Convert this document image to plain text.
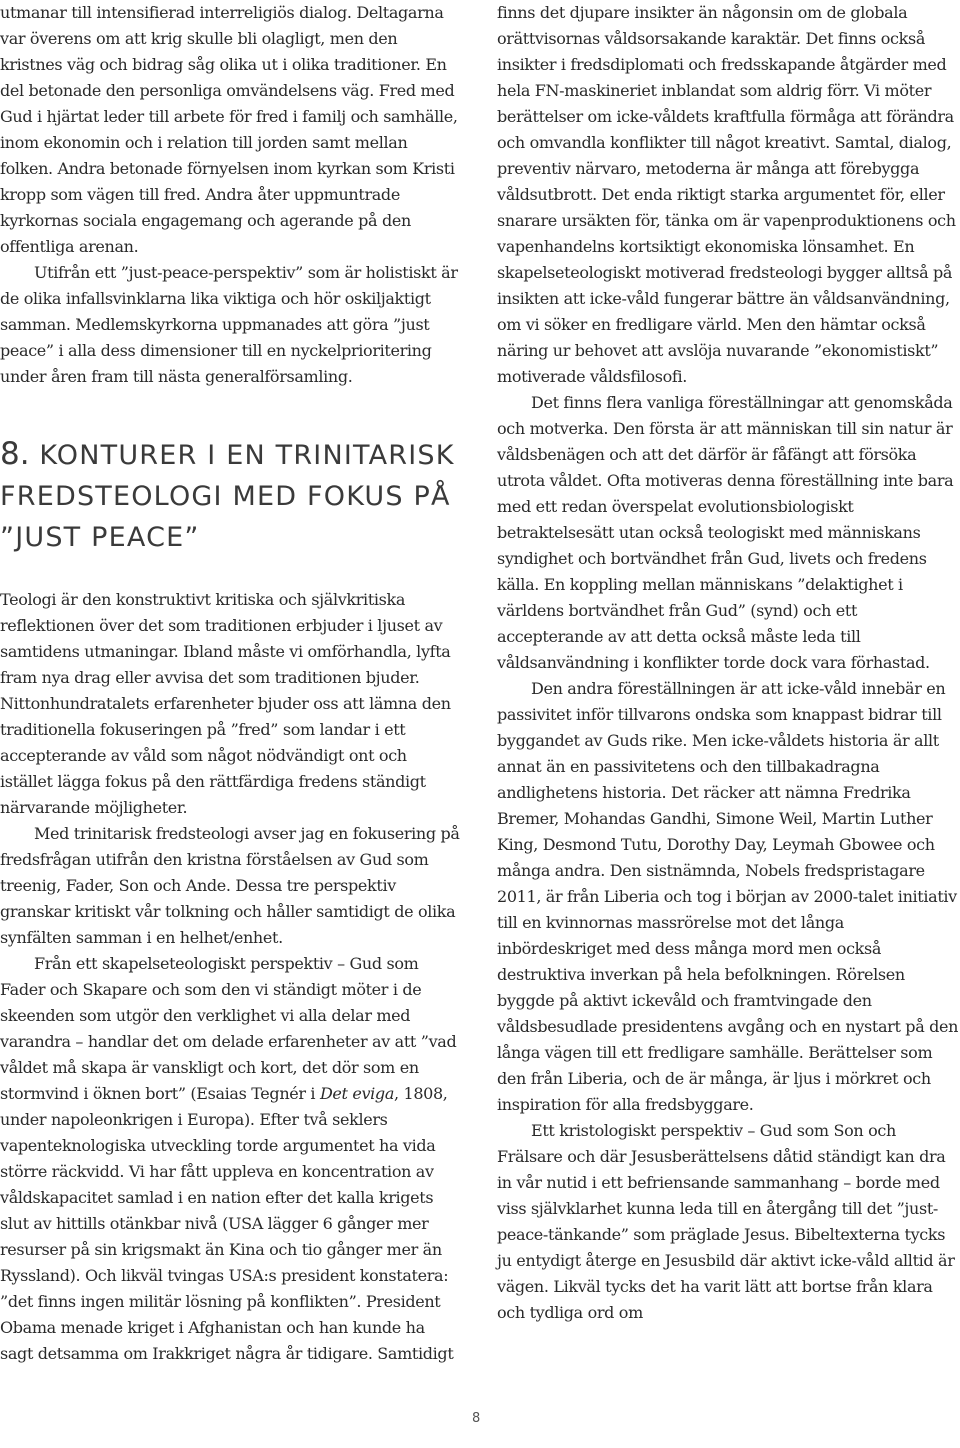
utmanar till intensifierad interreligiös dialog. Deltagarna var överens om att krig skulle bli olagligt, men den kristnes väg och bidrag såg olika ut i olika traditioner. En del betonade den personliga omvändelsens väg. Fred med Gud i hjärtat leder till arbete för fred i familj och samhälle, inom ekonomin och i relation till jorden samt mellan folken. Andra betonade förnyelsen inom kyrkan som Kristi kropp som vägen till fred. Andra åter uppmuntrade kyrkornas sociala engagemang och agerande på den offentliga arenan.

Utifrån ett ”just-peace-perspektiv” som är holistiskt är de olika infallsvinklarna lika viktiga och hör oskiljaktigt samman. Medlemskyrkorna uppmanades att göra ”just peace” i alla dess dimensioner till en nyckelprioritering under åren fram till nästa generalförsamling.

8. KONTURER I EN TRINITARISK FREDSTEOLOGI MED FOKUS PÅ ”JUST PEACE”

Teologi är den konstruktivt kritiska och självkritiska reflektionen över det som traditionen erbjuder i ljuset av samtidens utmaningar. Ibland måste vi omförhandla, lyfta fram nya drag eller avvisa det som traditionen bjuder. Nittonhundratalets erfarenheter bjuder oss att lämna den traditionella fokuseringen på ”fred” som landar i ett accepterande av våld som något nödvändigt ont och istället lägga fokus på den rättfärdiga fredens ständigt närvarande möjligheter.

Med trinitarisk fredsteologi avser jag en fokusering på fredsfrågan utifrån den kristna förståelsen av Gud som treenig, Fader, Son och Ande. Dessa tre perspektiv granskar kritiskt vår tolkning och håller samtidigt de olika synfälten samman i en helhet/enhet.

Från ett skapelseteologiskt perspektiv – Gud som Fader och Skapare och som den vi ständigt möter i de skeenden som utgör den verklighet vi alla delar med varandra – handlar det om delade erfarenheter av att ”vad våldet må skapa är vanskligt och kort, det dör som en stormvind i öknen bort” (Esaias Tegnér i Det eviga, 1808, under napoleonkrigen i Europa). Efter två seklers vapenteknologiska utveckling torde argumentet ha vida större räckvidd. Vi har fått uppleva en koncentration av våldskapacitet samlad i en nation efter det kalla krigets slut av hittills otänkbar nivå (USA lägger 6 gånger mer resurser på sin krigsmakt än Kina och tio gånger mer än Ryssland). Och likväl tvingas USA:s president konstatera: ”det finns ingen militär lösning på konflikten”. President Obama menade kriget i Afghanistan och han kunde ha sagt detsamma om Irakkriget några år tidigare. Samtidigt

finns det djupare insikter än någonsin om de globala orättvisornas våldsorsakande karaktär. Det finns också insikter i fredsdiplomati och fredsskapande åtgärder med hela FN-maskineriet inblandat som aldrig förr. Vi möter berättelser om icke-våldets kraftfulla förmåga att förändra och omvandla konflikter till något kreativt. Samtal, dialog, preventiv närvaro, metoderna är många att förebygga våldsutbrott. Det enda riktigt starka argumentet för, eller snarare ursäkten för, tänka om är vapenproduktionens och vapenhandelns kortsiktigt ekonomiska lönsamhet. En skapelseteologiskt motiverad fredsteologi bygger alltså på insikten att icke-våld fungerar bättre än våldsanvändning, om vi söker en fredligare värld. Men den hämtar också näring ur behovet att avslöja nuvarande ”ekonomistiskt” motiverade våldsfilosofi.

Det finns flera vanliga föreställningar att genomskåda och motverka. Den första är att människan till sin natur är våldsbenägen och att det därför är fåfängt att försöka utrota våldet. Ofta motiveras denna föreställning inte bara med ett redan överspelat evolutionsbiologiskt betraktelsesätt utan också teologiskt med människans syndighet och bortvändhet från Gud, livets och fredens källa. En koppling mellan människans ”delaktighet i världens bortvändhet från Gud” (synd) och ett accepterande av att detta också måste leda till våldsanvändning i konflikter torde dock vara förhastad.

Den andra föreställningen är att icke-våld innebär en passivitet inför tillvarons ondska som knappast bidrar till byggandet av Guds rike. Men icke-våldets historia är allt annat än en passivitetens och den tillbakadragna andlighetens historia. Det räcker att nämna Fredrika Bremer, Mohandas Gandhi, Simone Weil, Martin Luther King, Desmond Tutu, Dorothy Day, Leymah Gbowee och många andra. Den sistnämnda, Nobels fredspristagare 2011, är från Liberia och tog i början av 2000-talet initiativ till en kvinnornas massrörelse mot det långa inbördeskriget med dess många mord men också destruktiva inverkan på hela befolkningen. Rörelsen byggde på aktivt ickevåld och framtvingade den våldsbesudlade presidentens avgång och en nystart på den långa vägen till ett fredligare samhälle. Berättelser som den från Liberia, och de är många, är ljus i mörkret och inspiration för alla fredsbyggare.

Ett kristologiskt perspektiv – Gud som Son och Frälsare och där Jesusberättelsens dåtid ständigt kan dra in vår nutid i ett befriensande sammanhang – borde med viss självklarhet kunna leda till en återgång till det ”just-peace-tänkande” som präglade Jesus. Bibeltexterna tycks ju entydigt återge en Jesusbild där aktivt icke-våld alltid är vägen. Likväl tycks det ha varit lätt att bortse från klara och tydliga ord om

8
